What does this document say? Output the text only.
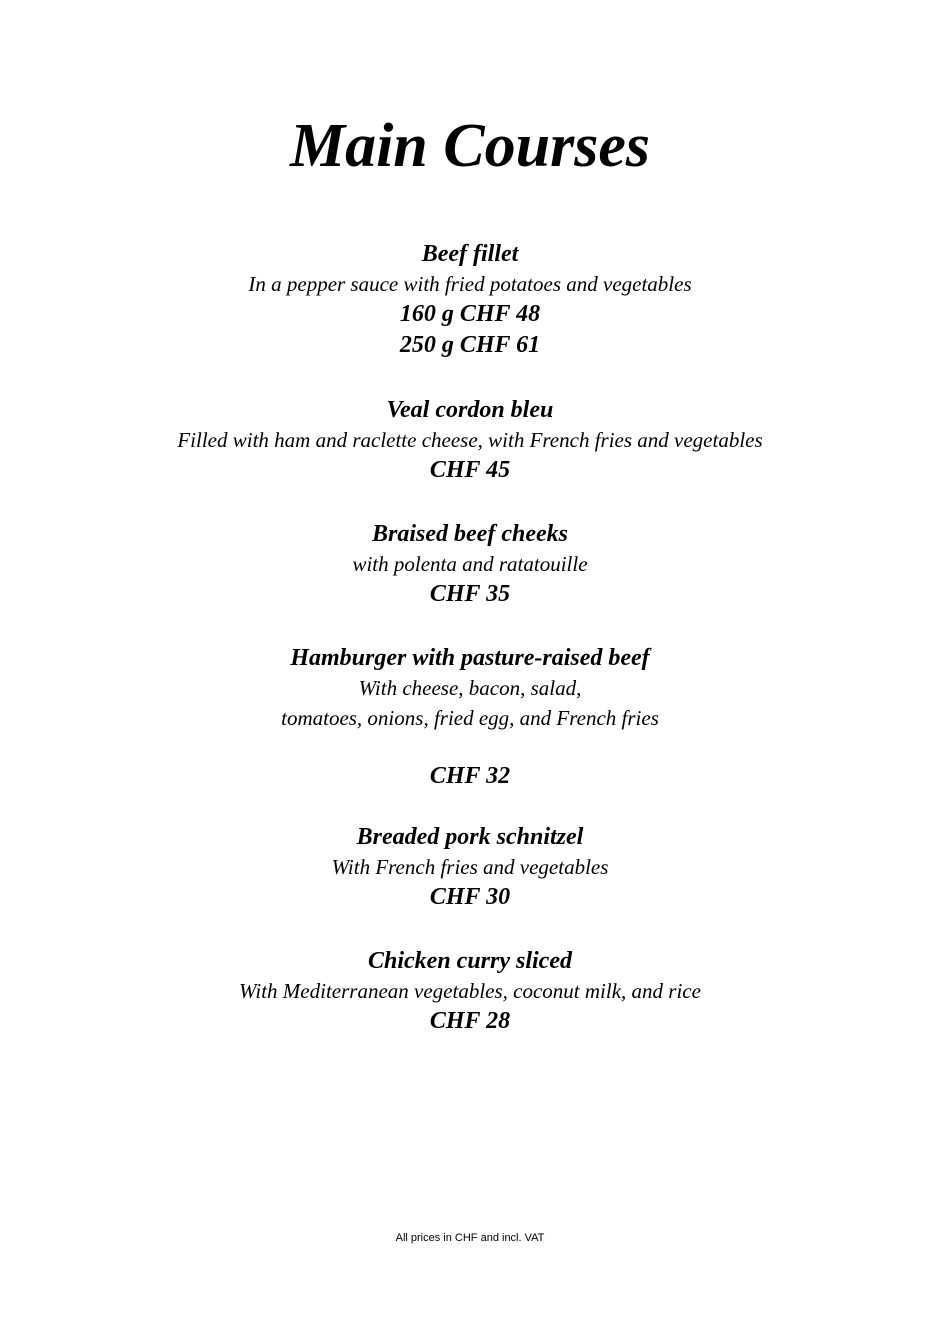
Main Courses
Beef fillet
In a pepper sauce with fried potatoes and vegetables
160 g CHF 48
250 g CHF 61
Veal cordon bleu
Filled with ham and raclette cheese, with French fries and vegetables
CHF 45
Braised beef cheeks
with polenta and ratatouille
CHF 35
Hamburger with pasture-raised beef
With cheese, bacon, salad,
tomatoes, onions, fried egg, and French fries
CHF 32
Breaded pork schnitzel
With French fries and vegetables
CHF 30
Chicken curry sliced
With Mediterranean vegetables, coconut milk, and rice
CHF 28
All prices in CHF and incl. VAT
